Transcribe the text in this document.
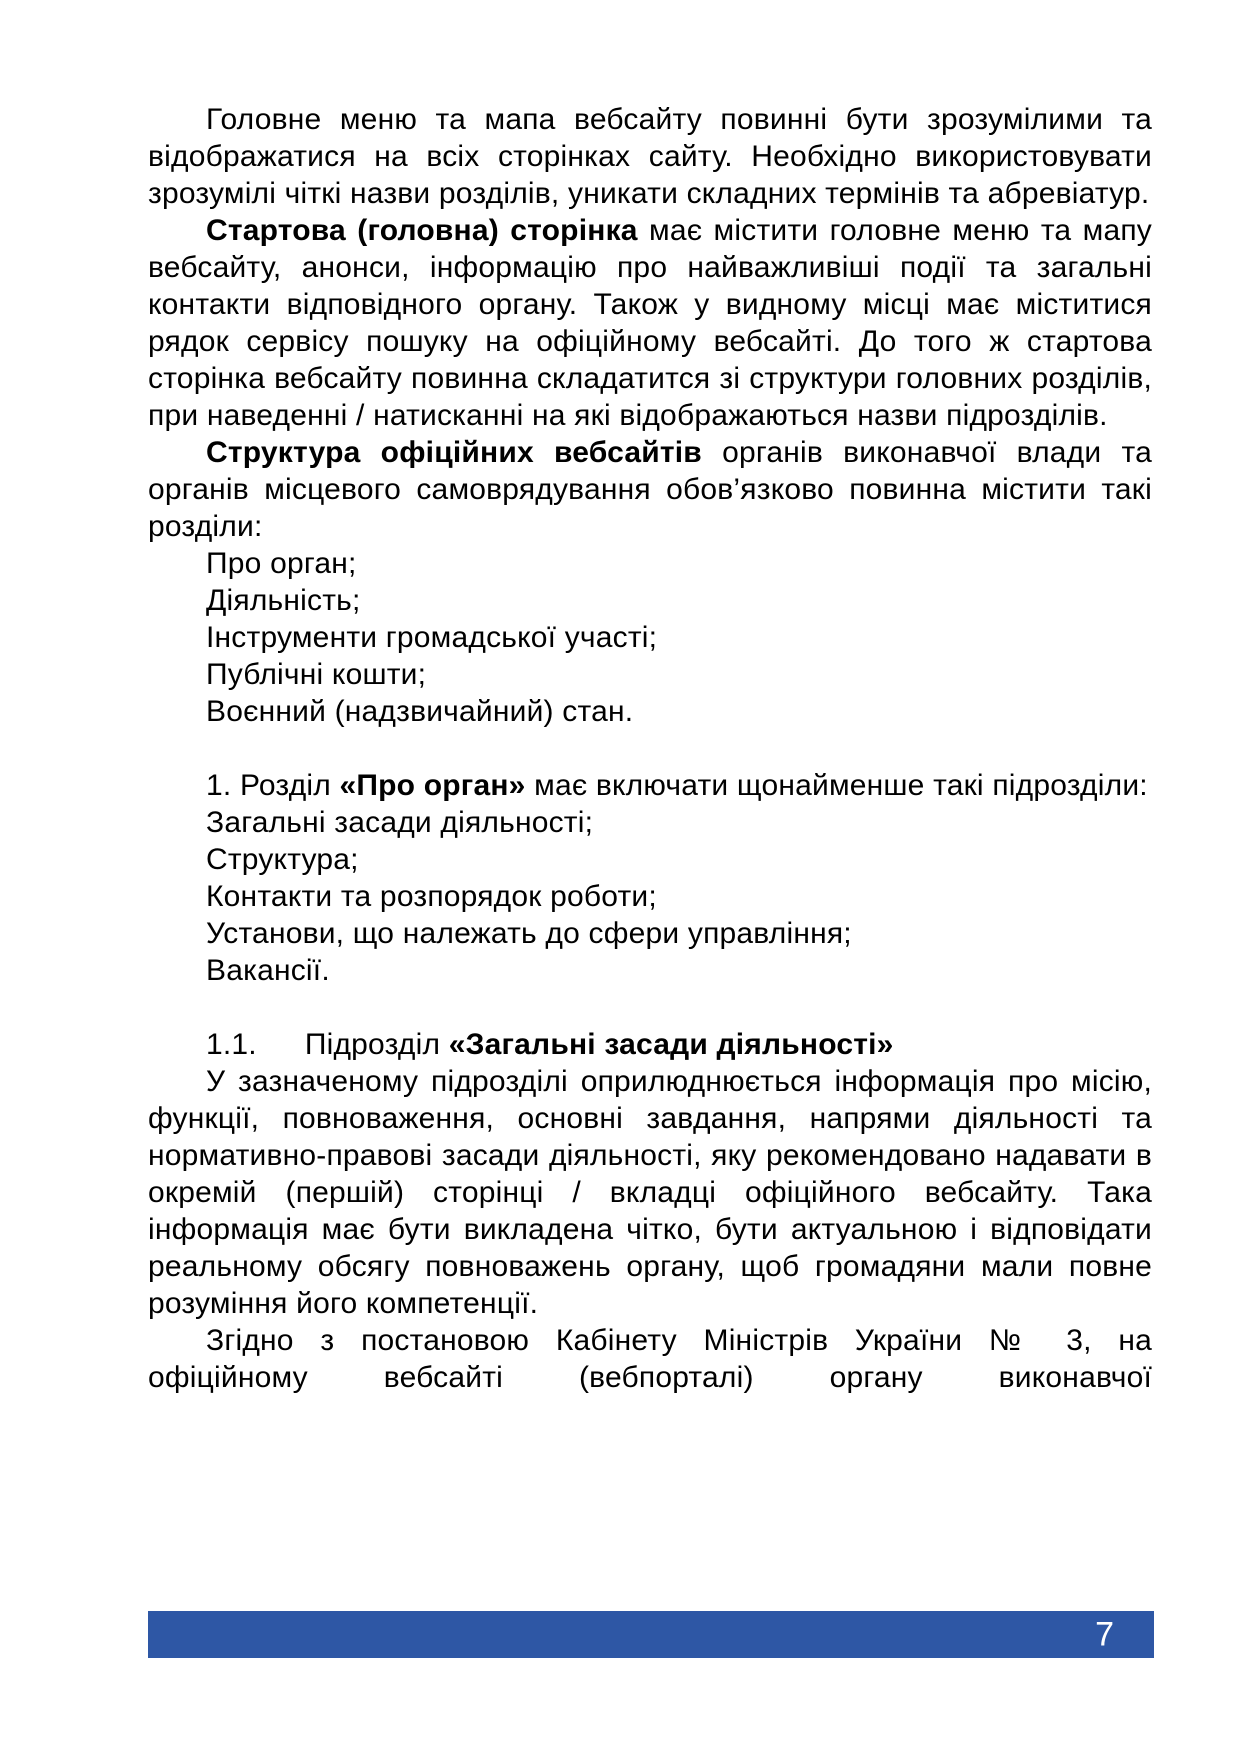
Головне меню та мапа вебсайту повинні бути зрозумілими та відображатися на всіх сторінках сайту. Необхідно використовувати зрозумілі чіткі назви розділів, уникати складних термінів та абревіатур.
Стартова (головна) сторінка має містити головне меню та мапу вебсайту, анонси, інформацію про найважливіші події та загальні контакти відповідного органу. Також у видному місці має міститися рядок сервісу пошуку на офіційному вебсайті. До того ж стартова сторінка вебсайту повинна складатится зі структури головних розділів, при наведенні / натисканні на які відображаються назви підрозділів.
Структура офіційних вебсайтів органів виконавчої влади та органів місцевого самоврядування обов’язково повинна містити такі розділи:
Про орган;
Діяльність;
Інструменти громадської участі;
Публічні кошти;
Воєнний (надзвичайний) стан.
1. Розділ «Про орган» має включати щонайменше такі підрозділи:
Загальні засади діяльності;
Структура;
Контакти та розпорядок роботи;
Установи, що належать до сфери управління;
Вакансії.
1.1. Підрозділ «Загальні засади діяльності»
У зазначеному підрозділі оприлюднюється інформація про місію, функції, повноваження, основні завдання, напрями діяльності та нормативно-правові засади діяльності, яку рекомендовано надавати в окремій (першій) сторінці / вкладці офіційного вебсайту. Така інформація має бути викладена чітко, бути актуальною і відповідати реальному обсягу повноважень органу, щоб громадяни мали повне розуміння його компетенції.
Згідно з постановою Кабінету Міністрів України № 3, на офіційному вебсайті (вебпорталі) органу виконавчої
7
